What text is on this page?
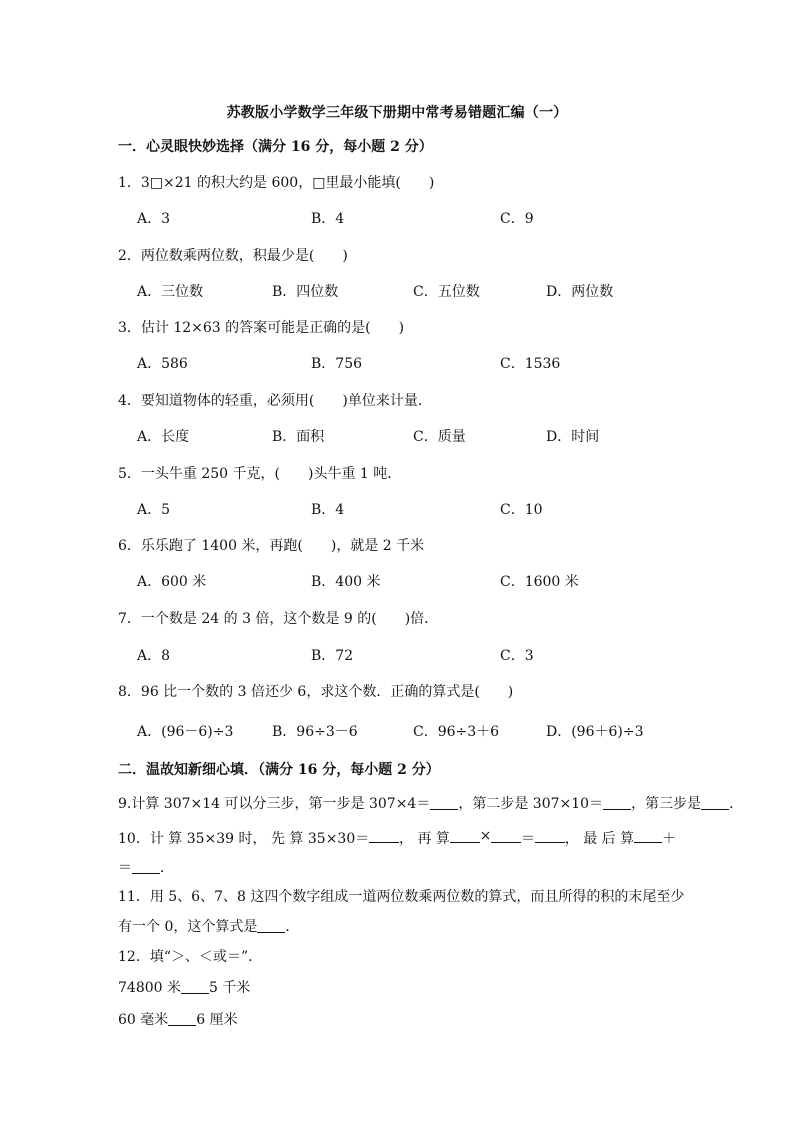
苏教版小学数学三年级下册期中常考易错题汇编（一）
一．心灵眼快妙选择（满分 16 分，每小题 2 分）
1．3□×21 的积大约是 600，□里最小能填(　　)
A．3	B．4	C．9
2．两位数乘两位数，积最少是(　　)
A．三位数	B．四位数	C．五位数	D．两位数
3．估计 12×63 的答案可能是正确的是(　　)
A．586	B．756	C．1536
4．要知道物体的轻重，必须用(　　)单位来计量．
A．长度	B．面积	C．质量	D．时间
5．一头牛重 250 千克，(　　)头牛重 1 吨．
A．5	B．4	C．10
6．乐乐跑了 1400 米，再跑(　　)，就是 2 千米
A．600 米	B．400 米	C．1600 米
7．一个数是 24 的 3 倍，这个数是 9 的(　　)倍．
A．8	B．72	C．3
8．96 比一个数的 3 倍还少 6，求这个数．正确的算式是(　　)
A．(96－6)÷3	B．96÷3－6	C．96÷3＋6	D．(96＋6)÷3
二．温故知新细心填．（满分 16 分，每小题 2 分）
9.计算 307×14 可以分三步，第一步是 307×4＝ ，第二步是 307×10＝ ，第三步是 ．
10．计 算 35×39 时， 先 算 35×30＝ ， 再 算 × ＝ ， 最 后 算 ＋
＝ ．
11．用 5、6、7、8 这四个数字组成一道两位数乘两位数的算式，而且所得的积的末尾至少
有一个 0，这个算式是 ．
12．填“＞、＜或＝”．
74800 米 5 千米
60 毫米 6 厘米
